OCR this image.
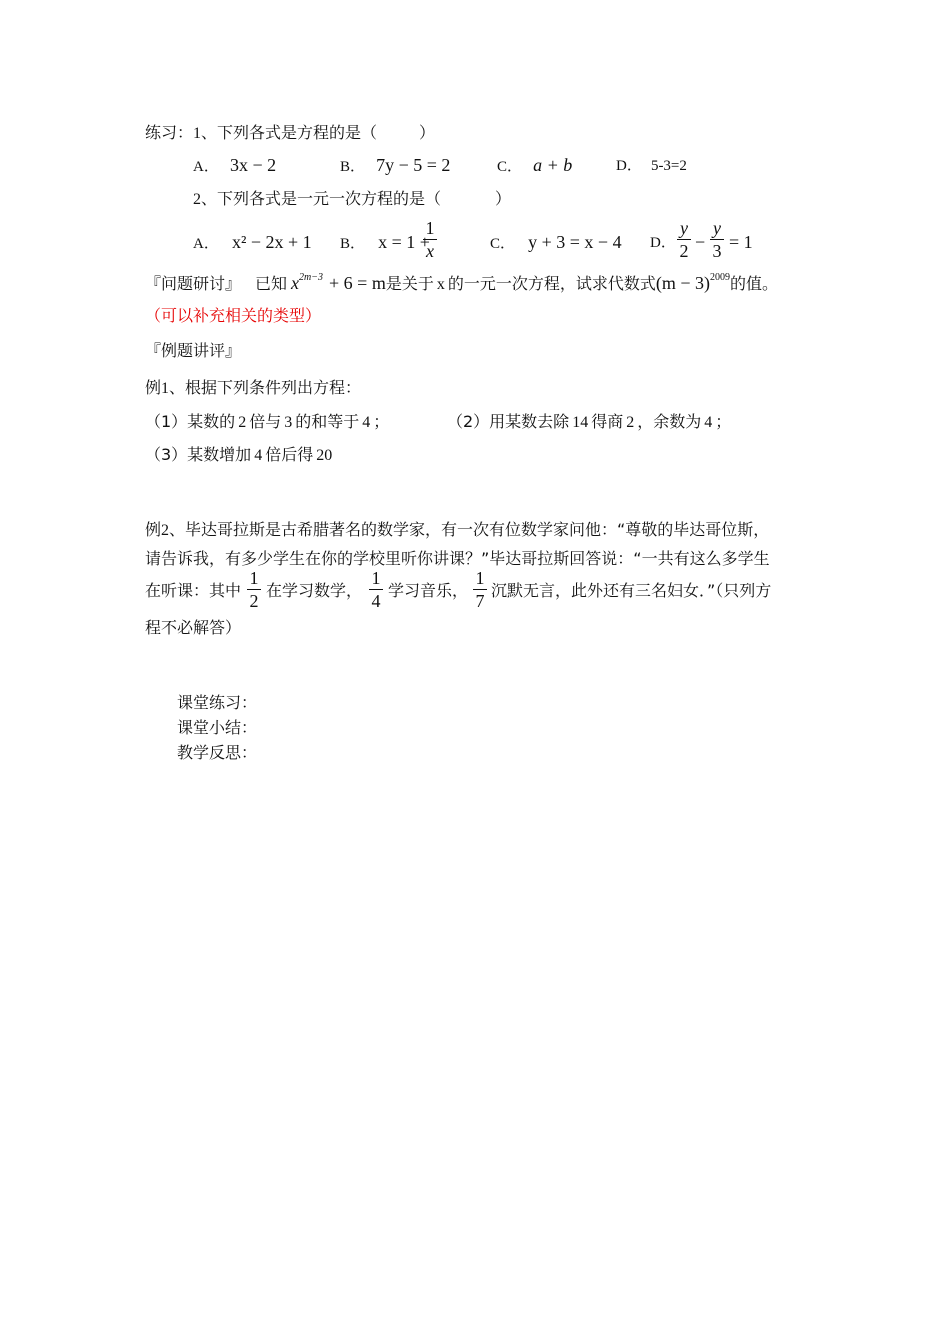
练习：1、下列各式是方程的是（	）
A． 3x − 2	B． 7y − 5 = 2	C． a + b	D． 5-3=2
2、下列各式是一元一次方程的是（	）
A． x² − 2x + 1 B． x = 1 +
1
x	C． y + 3 = x − 4 D．
y
2 −
y
3 = 1
『问题研讨』 已知 $x^{2m-3} + 6 = m$是关于 x 的一元一次方程，试求代数式$(m - 3)^{2009}$的值。
（可以补充相关的类型）
『例题讲评』
例1、根据下列条件列出方程：
（1）某数的 2 倍与 3 的和等于 4 ；	（2）用某数去除 14 得商 2 ，余数为 4 ；
（3）某数增加 4 倍后得 20
例2、毕达哥拉斯是古希腊著名的数学家，有一次有位数学家问他：“尊敬的毕达哥位斯，
请告诉我，有多少学生在你的学校里听你讲课？”毕达哥拉斯回答说：“一共有这么多学生
在听课：其中
1
2
在学习数学，
1
4
学习音乐，
1
7
沉默无言，此外还有三名妇女．”（只列方
程不必解答）
课堂练习：
课堂小结：
教学反思：
